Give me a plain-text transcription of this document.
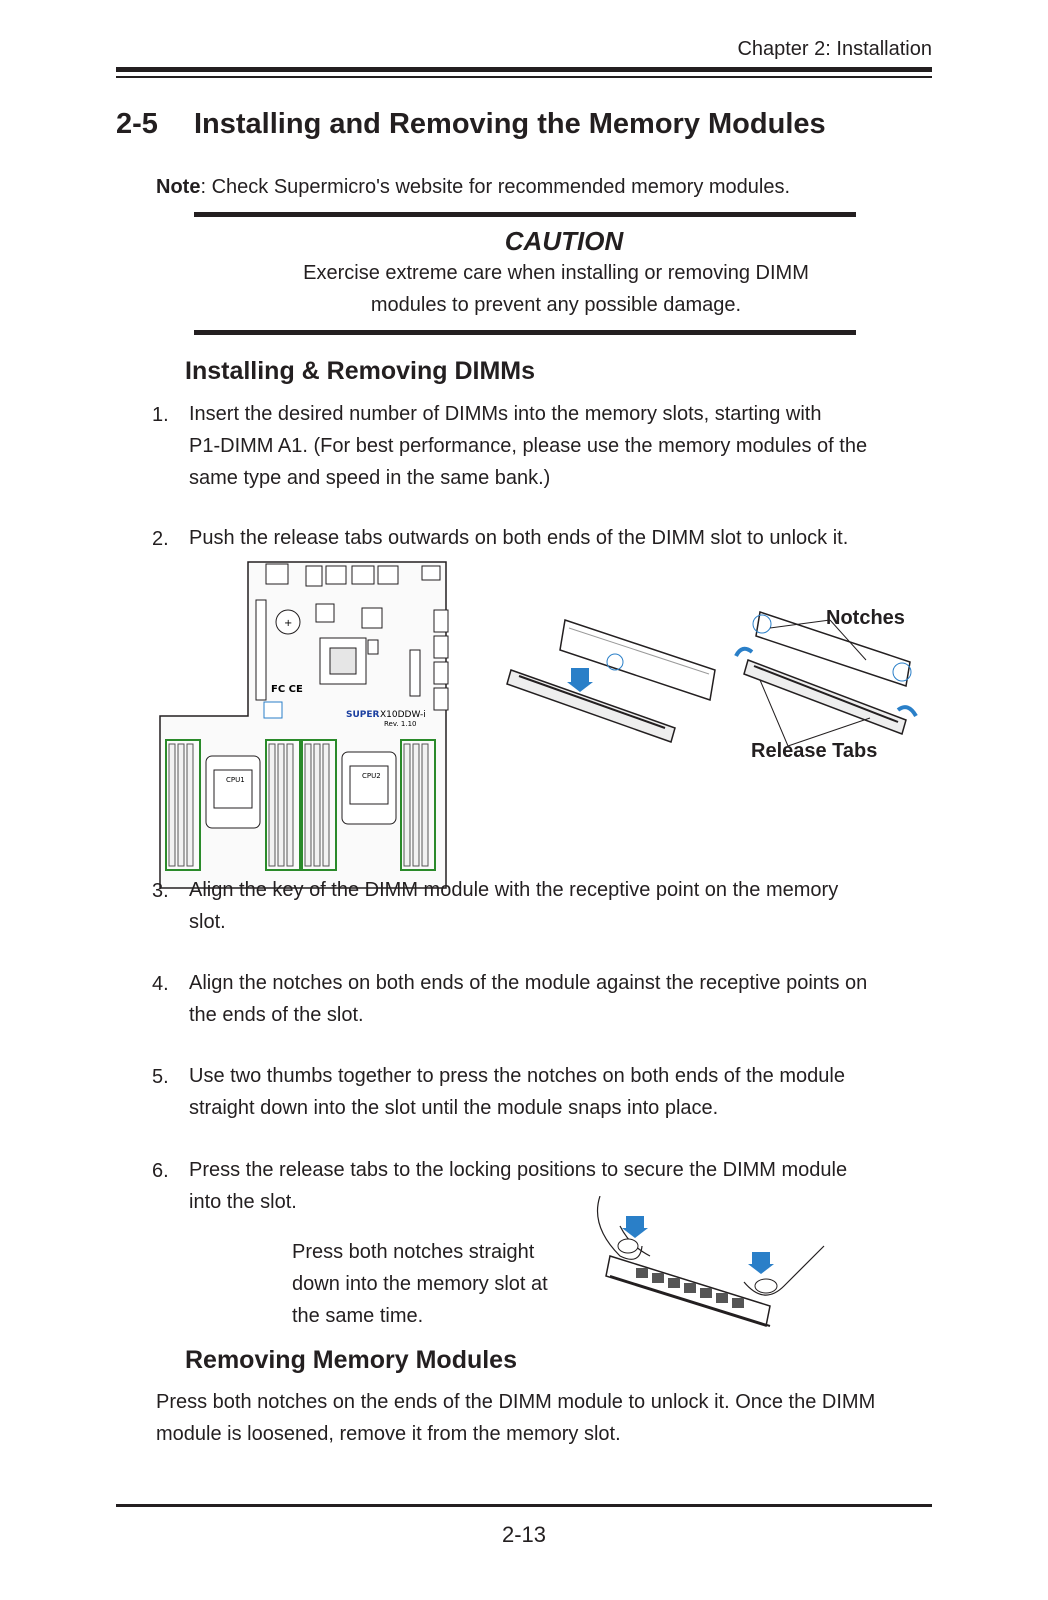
Chapter 2: Installation
2-5 Installing and Removing the Memory Modules
Note: Check Supermicro's website for recommended memory modules.
CAUTION
Exercise extreme care when installing or removing DIMM
modules to prevent any possible damage.
Installing & Removing DIMMs
1. Insert the desired number of DIMMs into the memory slots, starting with
P1-DIMM A1. (For best performance, please use the memory modules of the
same type and speed in the same bank.)
2. Push the release tabs outwards on both ends of the DIMM slot to unlock it.
+
FC CE
SUPER X10DDW-i
Rev. 1.10
CPU1	CPU2
Notches
Release Tabs
3. Align the key of the DIMM module with the receptive point on the memory
slot.
4. Align the notches on both ends of the module against the receptive points on
the ends of the slot.
5. Use two thumbs together to press the notches on both ends of the module
straight down into the slot until the module snaps into place.
6. Press the release tabs to the locking positions to secure the DIMM module
into the slot.
Press both notches straight
down into the memory slot at
the same time.
Removing Memory Modules
Press both notches on the ends of the DIMM module to unlock it. Once the DIMM
module is loosened, remove it from the memory slot.
2-13
